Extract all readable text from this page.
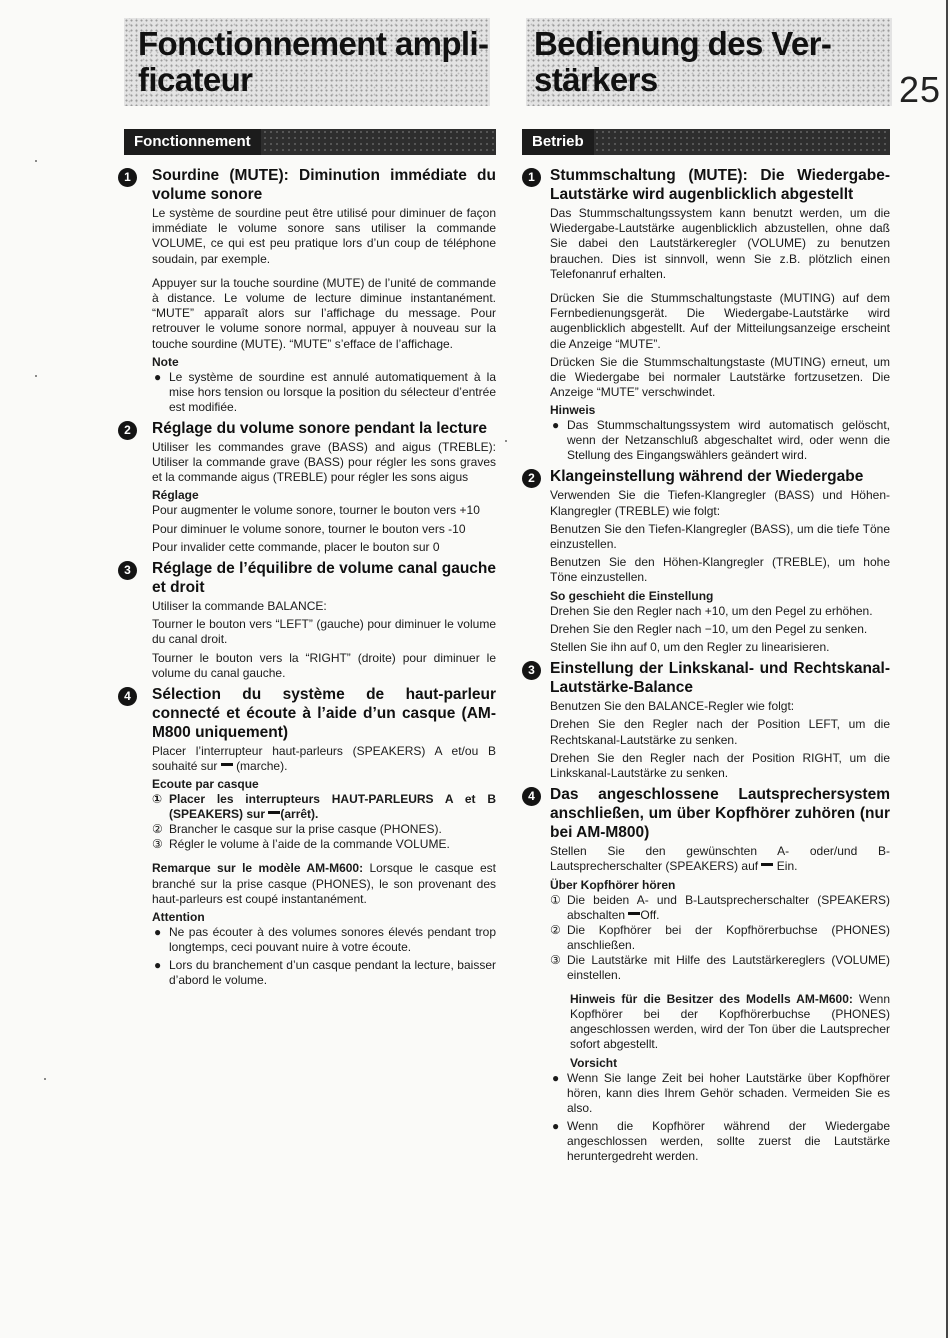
25
Fonctionnement ampli-
ficateur
Fonctionnement
1	Sourdine (MUTE): Diminution immédiate du volume sonore
Le système de sourdine peut être utilisé pour diminuer de façon immédiate le volume sonore sans utiliser la commande VOLUME, ce qui est peu pratique lors d’un coup de téléphone soudain, par exemple.
Appuyer sur la touche sourdine (MUTE) de l’unité de commande à distance. Le volume de lecture diminue instantanément. “MUTE” apparaît alors sur l’affichage du message. Pour retrouver le volume sonore normal, appuyer à nouveau sur la touche sourdine (MUTE). “MUTE” s’efface de l’affichage.
Note
● Le système de sourdine est annulé automatiquement à la mise hors tension ou lorsque la position du sélecteur d’entrée est modifiée.
2	Réglage du volume sonore pendant la lecture
Utiliser les commandes grave (BASS) and aigus (TREBLE): Utiliser la commande grave (BASS) pour régler les sons graves et la commande aigus (TREBLE) pour régler les sons aigus
Réglage
Pour augmenter le volume sonore, tourner le bouton vers +10
Pour diminuer le volume sonore, tourner le bouton vers -10
Pour invalider cette commande, placer le bouton sur 0
3	Réglage de l’équilibre de volume canal gauche et droit
Utiliser la commande BALANCE:
Tourner le bouton vers “LEFT” (gauche) pour diminuer le volume du canal droit.
Tourner le bouton vers la “RIGHT” (droite) pour diminuer le volume du canal gauche.
4	Sélection du système de haut-parleur connecté et écoute à l’aide d’un casque (AM-M800 uniquement)
Placer l’interrupteur haut-parleurs (SPEAKERS) A et/ou B souhaité sur (marche).
Ecoute par casque
① Placer les interrupteurs HAUT-PARLEURS A et B (SPEAKERS) sur (arrêt).
② Brancher le casque sur la prise casque (PHONES).
③ Régler le volume à l’aide de la commande VOLUME.
Remarque sur le modèle AM-M600: Lorsque le casque est branché sur la prise casque (PHONES), le son provenant des haut-parleurs est coupé instantanément.
Attention
● Ne pas écouter à des volumes sonores élevés pendant trop longtemps, ceci pouvant nuire à votre écoute.
● Lors du branchement d’un casque pendant la lecture, baisser d’abord le volume.
Bedienung des Ver-
stärkers
Betrieb
1 Stummschaltung (MUTE): Die Wiedergabe-Lautstärke wird augenblicklich abgestellt
Das Stummschaltungssystem kann benutzt werden, um die Wiedergabe-Lautstärke augenblicklich abzustellen, ohne daß Sie dabei den Lautstärkeregler (VOLUME) zu benutzen brauchen. Dies ist sinnvoll, wenn Sie z.B. plötzlich einen Telefonanruf erhalten.
Drücken Sie die Stummschaltungstaste (MUTING) auf dem Fernbedienungsgerät. Die Wiedergabe-Lautstärke wird augenblicklich abgestellt. Auf der Mitteilungsanzeige erscheint die Anzeige “MUTE”.
Drücken Sie die Stummschaltungstaste (MUTING) erneut, um die Wiedergabe bei normaler Lautstärke fortzusetzen. Die Anzeige “MUTE” verschwindet.
Hinweis
● Das Stummschaltungssystem wird automatisch gelöscht, wenn der Netzanschluß abgeschaltet wird, oder wenn die Stellung des Eingangswählers geändert wird.
2 Klangeinstellung während der Wiedergabe
Verwenden Sie die Tiefen-Klangregler (BASS) und Höhen-Klangregler (TREBLE) wie folgt:
Benutzen Sie den Tiefen-Klangregler (BASS), um die tiefe Töne einzustellen.
Benutzen Sie den Höhen-Klangregler (TREBLE), um hohe Töne einzustellen.
So geschieht die Einstellung
Drehen Sie den Regler nach +10, um den Pegel zu erhöhen.
Drehen Sie den Regler nach −10, um den Pegel zu senken.
Stellen Sie ihn auf 0, um den Regler zu linearisieren.
3 Einstellung der Linkskanal- und Rechtskanal-Lautstärke-Balance
Benutzen Sie den BALANCE-Regler wie folgt:
Drehen Sie den Regler nach der Position LEFT, um die Rechtskanal-Lautstärke zu senken.
Drehen Sie den Regler nach der Position RIGHT, um die Linkskanal-Lautstärke zu senken.
4 Das angeschlossene Lautsprechersystem anschließen, um über Kopfhörer zuhören (nur bei AM-M800)
Stellen Sie den gewünschten A- oder/und B-Lautsprecherschalter (SPEAKERS) auf Ein.
Über Kopfhörer hören
① Die beiden A- und B-Lautsprecherschalter (SPEAKERS) abschalten Off.
② Die Kopfhörer bei der Kopfhörerbuchse (PHONES) anschließen.
③ Die Lautstärke mit Hilfe des Lautstärkereglers (VOLUME) einstellen.
Hinweis für die Besitzer des Modells AM-M600: Wenn Kopfhörer bei der Kopfhörerbuchse (PHONES) angeschlossen werden, wird der Ton über die Lautsprecher sofort abgestellt.
Vorsicht
● Wenn Sie lange Zeit bei hoher Lautstärke über Kopfhörer hören, kann dies Ihrem Gehör schaden. Vermeiden Sie es also.
● Wenn die Kopfhörer während der Wiedergabe angeschlossen werden, sollte zuerst die Lautstärke heruntergedreht werden.
